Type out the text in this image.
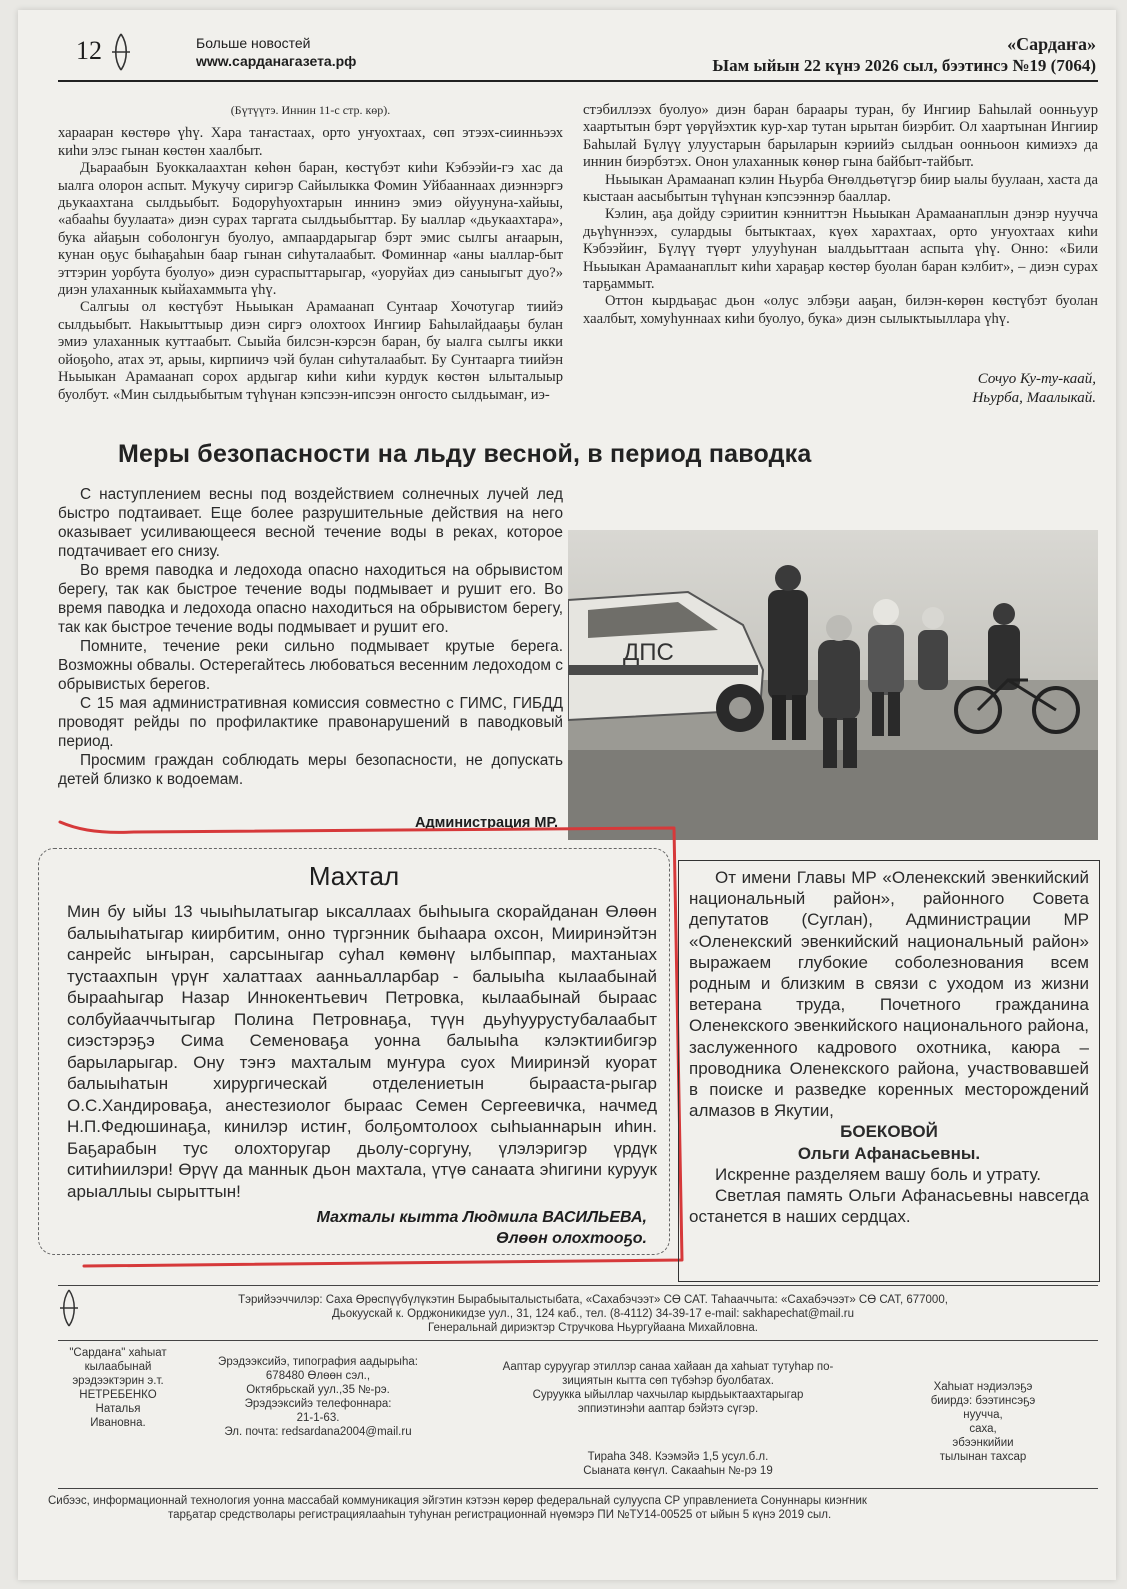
12	Больше новостей
www.сарданагазета.рф
«Сардаҥа»
Ыам ыйын 22 күнэ 2026 сыл, бээтинсэ №19 (7064)
(Бүтүүтэ. Иннин 11-с стр. көр).

хараарaн көстөрө үһү. Хара таҥастаах, орто уҥуохтаах, сөп этээх-сиинньээх киһи элэс гынан көстөн хаалбыт.

Дьараабын Буоккалаахтан көһөн баран, көстүбэт киһи Кэбээйи-гэ хас да ыалга олорон аспыт. Мукучу сиригэр Сайылыкка Фомин Уйбааннаах диэннэргэ дьукаахтана сылдьыбыт. Бодоруһуохтарын иннинэ эмиэ ойуунуна-хайыы, «абааһы буулаата» диэн сурах таргата сылдьыбыттар. Бу ыаллар «дьукаахтара», бука айаҕын соболонгун буолуо, ампаардарыгар бэрт эмис сылгы аҥаарын, кунан оҕус быһаҕаһын баар гынан сиһуталаабыт. Фоминнар «аны ыаллар-быт эттэрин уорбута буолуо» диэн сураспыттарыгар, «уоруйах диэ саныыгыт дуо?» диэн улаханнык кыйахаммыта үһү.

Салгыы ол көстүбэт Ньыыкан Арамаанап Сунтаар Хочотугар тиийэ сылдьыбыт. Накыыттыыр диэн сиргэ олохтоох Ингиир Баһылайдааҕы булан эмиэ улаханнык куттаабыт. Сыыйа билсэн-кэрсэн баран, бу ыалга сылгы икки ойоҕоһо, атах эт, арыы, кирпиичэ чэй булан сиһуталаабыт. Бу Сунтаарга тиийэн Ньыыкан Арамаанап сорох ардыгар киһи киһи курдук көстөн ылыталыыр буолбут. «Мин сылдьыбытым түһүнан кэпсээн-ипсээн онгосто сылдьымаҥ, иэ-

стэбиллээх буолуо» диэн баран барaары туран, бу Ингиир Баһылай оонньуур хаартытын бэрт үөрүйэхтик кур-хар тутан ырытан биэрбит. Ол хаартынан Ингиир Баһылай Бүлүү улуустарын барыларын кэриийэ сылдьан оонньоон кимиэхэ да иннин биэрбэтэх. Онон улаханнык көнөр гына байбыт-тайбыт.

Ньыыкан Арамаанап кэлин Ньурба Өҥөлдьөтүгэр биир ыалы буулаан, хаста да кыстаан аасыбытын түһүнан кэпсээннэр бааллар.

Кэлин, аҕа дойду сэриитин кэнниттэн Ньыыкан Арамаанаплын дэнэр нуучча дьүһүннээх, сулардыы бытыктаах, күөх харахтаах, орто уҥуохтаах киһи Кэбээйиҥ, Бүлүү түөрт улууһунан ыалдьыттаан аспыта үһү. Онно: «Били Ньыыкан Арамаанаплыт киһи хараҕар көстөр буолан баран кэлбит», – диэн сурах тарҕаммыт.

Оттон кырдьаҕас дьон «олус элбэҕи ааҕан, билэн-көрөн көстүбэт буолан хаалбыт, хомуһуннаах киһи буолуо, бука» диэн сылыктыыллара үһү.

Сочуо Ку-ту-каай,
Ньурба, Маалыкай.
Меры безопасности на льду весной, в период паводка

С наступлением весны под воздействием солнечных лучей лед быстро подтаивает. Еще более разрушительные действия на него оказывает усиливающееся весной течение воды в реках, которое подтачивает его снизу.

Во время паводка и ледохода опасно находиться на обрывистом берегу, так как быстрое течение воды подмывает и рушит его. Во время паводка и ледохода опасно находиться на обрывистом берегу, так как быстрое течение воды подмывает и рушит его.

Помните, течение реки сильно подмывает крутые берега. Возможны обвалы. Остерегайтесь любоваться весенним ледоходом с обрывистых берегов.

С 15 мая административная комиссия совместно с ГИМС, ГИБДД проводят рейды по профилактике правонарушений в паводковый период.

Просмим граждан соблюдать меры безопасности, не допускать детей близко к водоемам.

Администрация МР.
ДПС
Махтал
Мин бу ыйы 13 чыыһылатыгар ыксаллаах быһыыга скорайданан Өлөөн балыыһатыгар киирбитим, онно түргэнник быһаара охсон, Мииринэйтэн санрейс ыҥыран, сарсыныгар суһал көмөнү ылбыппар, махтаныах тустаахпын үрүҥ халаттаах аанньалларбар - балыыһа кылаабынай бырааһыгар Назар Иннокентьевич Петровка, кылаабынай бырaас солбуйааччытыгар Полина Петровнаҕа, түүн дьуһуурустубалаабыт сиэстэрэҕэ Сима Семеноваҕа уонна балыыһа кэлэктиибигэр барыларыгар. Ону тэҥэ махталым муҥура суох Мииринэй куорат балыыһатын хирургическай отделениетын бырааста-рыгар О.С.Хандироваҕа, анестезиолог бырaас Семен Сергеевичка, начмед Н.П.Федюшинаҕа, кинилэр истиҥ, болҕомтолоох сыһыаннарын иһин. Баҕарабын тус олохторугар дьолу-соргуну, үлэлэригэр үрдүк ситиһиилэри! Өрүү да маннык дьон махтала, үтүө санаата эһигини куруук арыаллыы сырыттын!
Махталы кытта Людмила ВАСИЛЬЕВА,
Өлөөн олохтооҕо.

От имени Главы МР «Оленекский эвенкийский национальный район», районного Совета депутатов (Суглан), Администрации МР «Оленекский эвенкийский национальный район» выражаем глубокие соболезнования всем родным и близким в связи с уходом из жизни ветерана труда, Почетного гражданина Оленекского эвенкийского национального района, заслуженного кадрового охотника, каюра – проводника Оленекского района, участвовавшей в поиске и разведке коренных месторождений алмазов в Якутии,

БОЕКОВОЙ
Ольги Афанасьевны.

Искренне разделяем вашу боль и утрату.

Светлая память Ольги Афанасьевны навсегда останется в наших сердцах.

Тэрийээччилэр: Саха Өрөспүүбүлүкэтин Бырабыыталыстыбата, «Сахабэчээт» СӨ САТ. Таһааччыта: «Сахабэчээт» СӨ САТ, 677000,
Дьокуускай к. Орджоникидзе уул., 31, 124 каб., тел. (8-4112) 34-39-17 e-mail: sakhapechat@mail.ru
Генеральнай дириэктэр Стручкова Ньургуйаана Михайловна.
"Сардаҥа" хаһыат
кылаабынай
эрэдээктэрин э.т.
НЕТРЕБЕНКО
Наталья
Ивановна.
Эрэдээксийэ, типография аадырыһа:
678480 Өлөөн сэл.,
Октябрьскай уул.,35 №-рэ.
Эрэдээксийэ телефоннара:
21-1-63.
Эл. почта: redsardana2004@mail.ru
Ааптар суруугар этиллэр санаа хайаан да хаһыат тутуһар по-
зициятын кытта сөп түбэһэр буолбатах.
Суруукка ыйыллар чахчылар кырдьыктаахтарыгар
эппиэтинэһи ааптар бэйэтэ сүгэр.
Тираһа 348. Кээмэйэ 1,5 усул.б.л.
Сыаната көҥүл. Сакааһын №-рэ 19
Хаһыат нэдиэлэҕэ
биирдэ: бээтинсэҕэ
нуучча,
саха,
эбээнкийии
тылынан тахсар
Сибээс, информационнай технология уонна массабай коммуникация эйгэтин кэтээн көрөр федеральнай сулууспа СР управлениета Сонуннары киэҥник
тарҕатар средстволары регистрациялааһын туһунан регистрационнай нүөмэрэ ПИ №ТУ14-00525 от ыйын 5 күнэ 2019 сыл.
